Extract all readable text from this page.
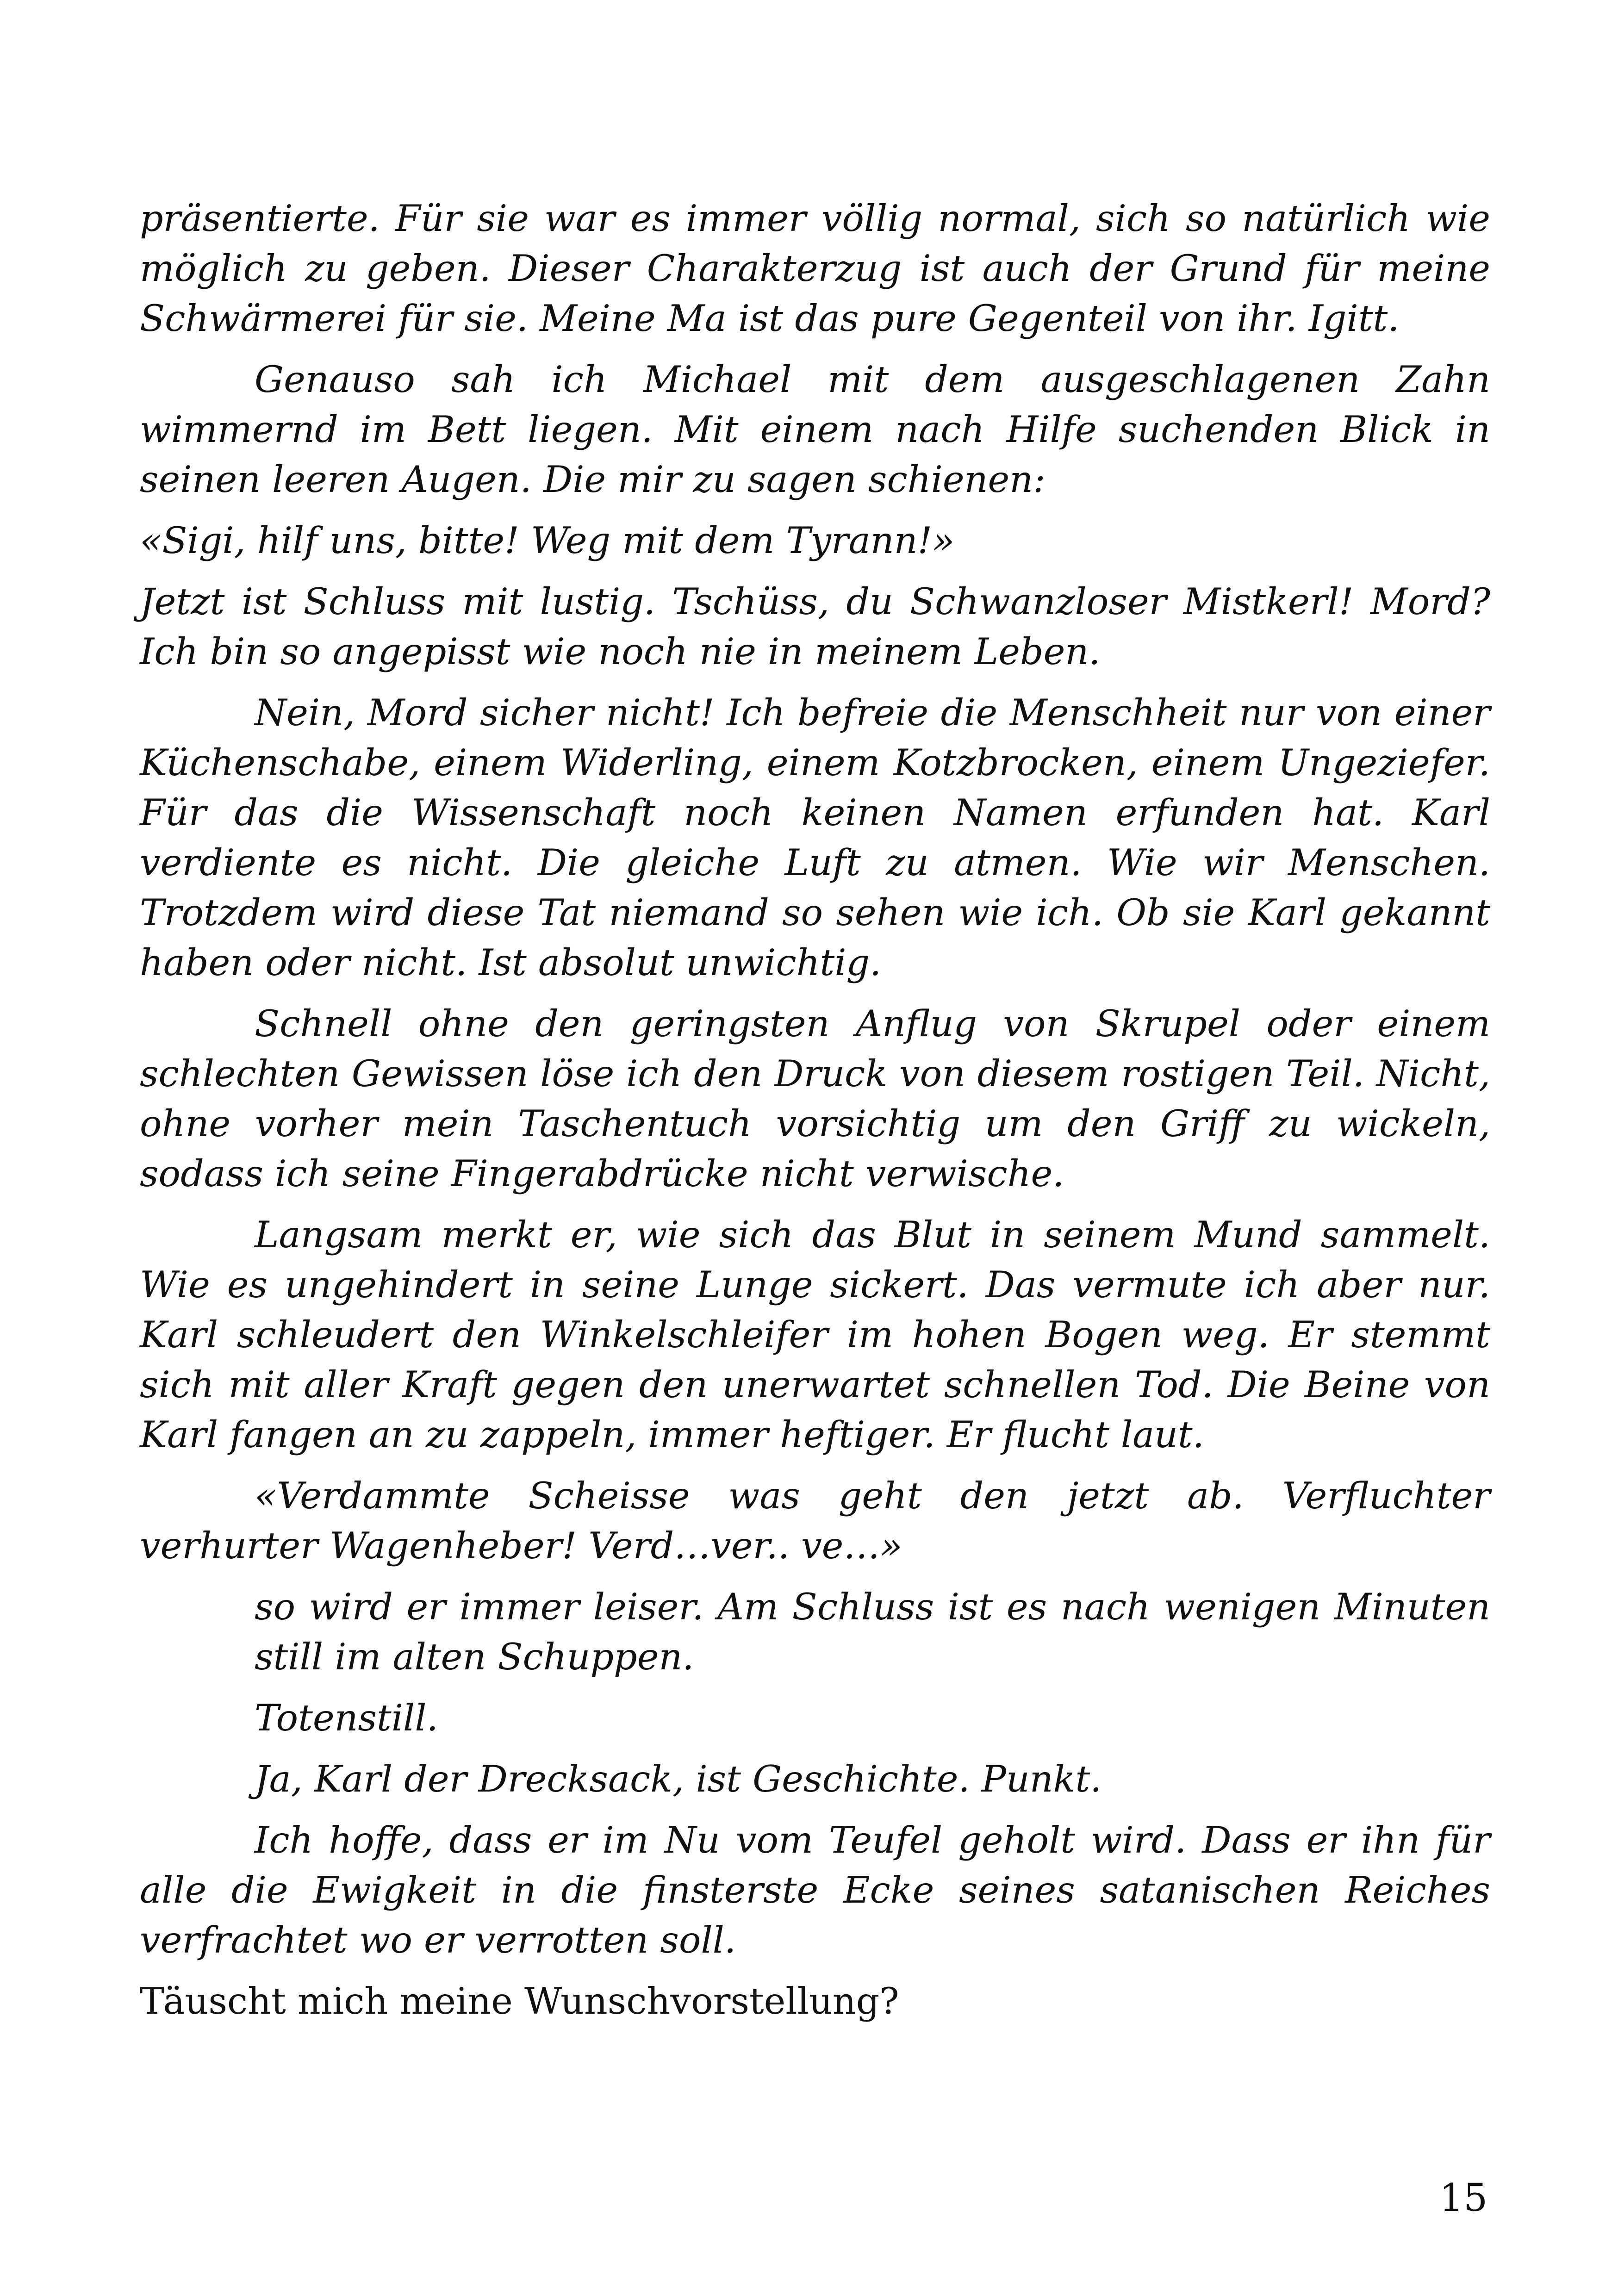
präsentierte. Für sie war es immer völlig normal, sich so natürlich wie möglich zu geben. Dieser Charakterzug ist auch der Grund für meine Schwärmerei für sie. Meine Ma ist das pure Gegenteil von ihr. Igitt.

Genauso sah ich Michael mit dem ausgeschlagenen Zahn wimmernd im Bett liegen. Mit einem nach Hilfe suchenden Blick in seinen leeren Augen. Die mir zu sagen schienen:

«Sigi, hilf uns, bitte! Weg mit dem Tyrann!»

Jetzt ist Schluss mit lustig. Tschüss, du Schwanzloser Mistkerl! Mord? Ich bin so angepisst wie noch nie in meinem Leben.

Nein, Mord sicher nicht! Ich befreie die Menschheit nur von einer Küchenschabe, einem Widerling, einem Kotzbrocken, einem Ungeziefer. Für das die Wissenschaft noch keinen Namen erfunden hat. Karl verdiente es nicht. Die gleiche Luft zu atmen. Wie wir Menschen. Trotzdem wird diese Tat niemand so sehen wie ich. Ob sie Karl gekannt haben oder nicht. Ist absolut unwichtig.

Schnell ohne den geringsten Anflug von Skrupel oder einem schlechten Gewissen löse ich den Druck von diesem rostigen Teil. Nicht, ohne vorher mein Taschentuch vorsichtig um den Griff zu wickeln, sodass ich seine Fingerabdrücke nicht verwische.

Langsam merkt er, wie sich das Blut in seinem Mund sammelt. Wie es ungehindert in seine Lunge sickert. Das vermute ich aber nur. Karl schleudert den Winkelschleifer im hohen Bogen weg. Er stemmt sich mit aller Kraft gegen den unerwartet schnellen Tod. Die Beine von Karl fangen an zu zappeln, immer heftiger. Er flucht laut.

«Verdammte Scheisse was geht den jetzt ab. Verfluchter verhurter Wagenheber! Verd…ver.. ve…»

so wird er immer leiser. Am Schluss ist es nach wenigen Minuten still im alten Schuppen.

Totenstill.

Ja, Karl der Drecksack, ist Geschichte. Punkt.

Ich hoffe, dass er im Nu vom Teufel geholt wird. Dass er ihn für alle die Ewigkeit in die finsterste Ecke seines satanischen Reiches verfrachtet wo er verrotten soll.

Täuscht mich meine Wunschvorstellung?

15
